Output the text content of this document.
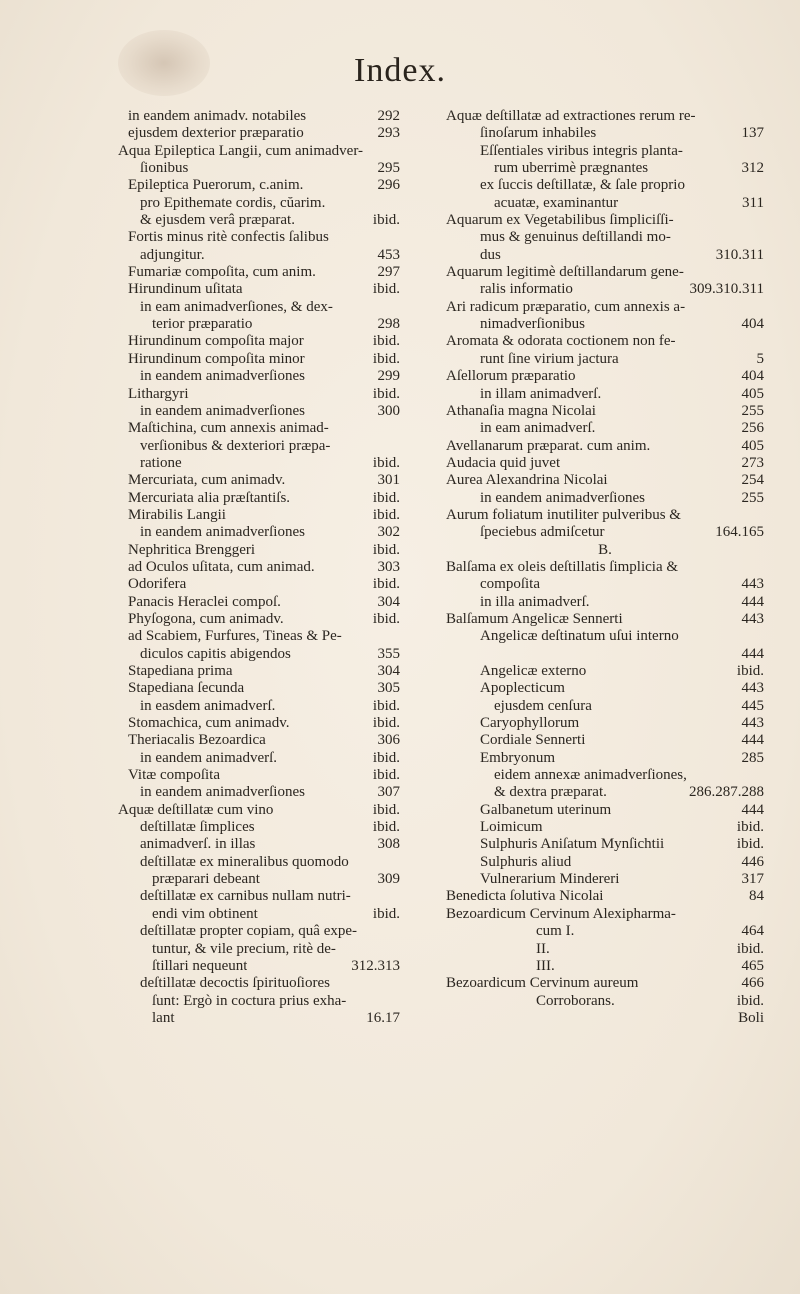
Index.
in eandem animadv. notabiles	292
ejusdem dexterior præparatio	293
Aqua Epileptica Langii, cum animadver-
ſionibus	295
Epileptica Puerorum, c.anim.	296
pro Epithemate cordis, cŭarim.
& ejusdem verâ præparat.	ibid.
Fortis minus ritè confectis ſalibus
adjungitur.	453
Fumariæ compoſita, cum anim.	297
Hirundinum uſitata	ibid.
in eam animadverſiones, & dex-
terior præparatio	298
Hirundinum compoſita major	ibid.
Hirundinum compoſita minor	ibid.
in eandem animadverſiones	299
Lithargyri	ibid.
in eandem animadverſiones	300
Maſtichina, cum annexis animad-
verſionibus & dexteriori præpa-
ratione	ibid.
Mercuriata, cum animadv.	301
Mercuriata alia præſtantiſs.	ibid.
Mirabilis Langii	ibid.
in eandem animadverſiones	302
Nephritica Brenggeri	ibid.
ad Oculos uſitata, cum animad.	303
Odorifera	ibid.
Panacis Heraclei compoſ.	304
Phyſogona, cum animadv.	ibid.
ad Scabiem, Furfures, Tineas & Pe-
diculos capitis abigendos	355
Stapediana prima	304
Stapediana ſecunda	305
in easdem animadverſ.	ibid.
Stomachica, cum animadv.	ibid.
Theriacalis Bezoardica	306
in eandem animadverſ.	ibid.
Vitæ compoſita	ibid.
in eandem animadverſiones	307
Aquæ deſtillatæ cum vino	ibid.
deſtillatæ ſimplices	ibid.
animadverſ. in illas	308
deſtillatæ ex mineralibus quomodo
præparari debeant	309
deſtillatæ ex carnibus nullam nutri-
endi vim obtinent	ibid.
deſtillatæ propter copiam, quâ expe-
tuntur, & vile precium, ritè de-
ſtillari nequeunt	312.313
deſtillatæ decoctis ſpirituoſiores
ſunt: Ergò in coctura prius exha-
lant	16.17
Aquæ deſtillatæ ad extractiones rerum re-
ſinoſarum inhabiles	137
Eſſentiales viribus integris planta-
rum uberrimè prægnantes	312
ex ſuccis deſtillatæ, & ſale proprio
acuatæ, examinantur	311
Aquarum ex Vegetabilibus ſimpliciſſi-
mus & genuinus deſtillandi mo-
dus	310.311
Aquarum legitimè deſtillandarum gene-
ralis informatio	309.310.311
Ari radicum præparatio, cum annexis a-
nimadverſionibus	404
Aromata & odorata coctionem non fe-
runt ſine virium jactura	5
Aſellorum præparatio	404
in illam animadverſ.	405
Athanaſia magna Nicolai	255
in eam animadverſ.	256
Avellanarum præparat. cum anim.	405
Audacia quid juvet	273
Aurea Alexandrina Nicolai	254
in eandem animadverſiones	255
Aurum foliatum inutiliter pulveribus &
ſpeciebus admiſcetur	164.165
B.
Balſama ex oleis deſtillatis ſimplicia &
compoſita	443
in illa animadverſ.	444
Balſamum Angelicæ Sennerti	443
Angelicæ deſtinatum uſui interno
444
Angelicæ externo	ibid.
Apoplecticum	443
ejusdem cenſura	445
Caryophyllorum	443
Cordiale Sennerti	444
Embryonum	285
eidem annexæ animadverſiones,
& dextra præparat.	286.287.288
Galbanetum uterinum	444
Loimicum	ibid.
Sulphuris Aniſatum Mynſichtii	ibid.
Sulphuris aliud	446
Vulnerarium Mindereri	317
Benedicta ſolutiva Nicolai	84
Bezoardicum Cervinum Alexipharma-
cum I.	464
II.	ibid.
III.	465
Bezoardicum Cervinum aureum	466
Corroborans.	ibid.
Boli
